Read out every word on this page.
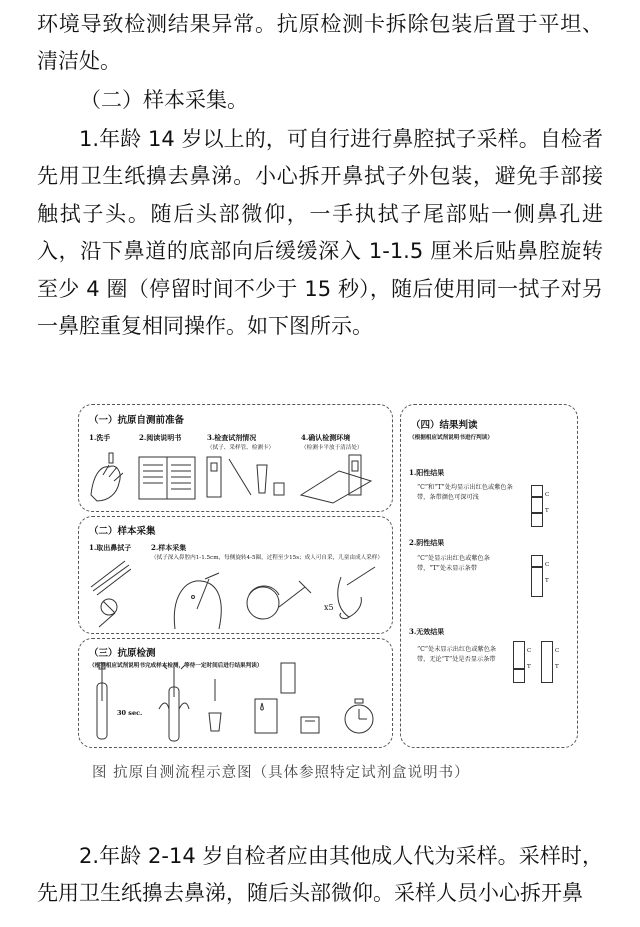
环境导致检测结果异常。抗原检测卡拆除包装后置于平坦、清洁处。

（二）样本采集。

1.年龄 14 岁以上的，可自行进行鼻腔拭子采样。自检者先用卫生纸擤去鼻涕。小心拆开鼻拭子外包装，避免手部接触拭子头。随后头部微仰，一手执拭子尾部贴一侧鼻孔进入，沿下鼻道的底部向后缓缓深入 1-1.5 厘米后贴鼻腔旋转至少 4 圈（停留时间不少于 15 秒），随后使用同一拭子对另一鼻腔重复相同操作。如下图所示。

（一）抗原自测前准备
1.洗手	2.阅读说明书	3.检查试剂情况	4.确认检测环境
（拭子、采样管、检测卡）	（检测卡平放于清洁处）
（二）样本采集
1.取出鼻拭子	2.样本采集
（拭子深入鼻腔内1-1.5cm，每侧旋转4-5圈，过程至少15s；成人可自采，儿童由成人采样）
x5
（三）抗原检测
（根据相应试剂说明书完成样本检测，等待一定时间后进行结果判读）
30 sec.
（四）结果判读
（根据相应试剂说明书进行判读）
1.阳性结果
“C”和“T”处均显示出红色或紫色条带，条带颜色可深可浅
2.阴性结果
“C”处显示出红色或紫色条带，“T”处未显示条带
3.无效结果
“C”处未显示出红色或紫色条带，无论“T”处是否显示条带
C
T
C
T
C
T
C
T
图 抗原自测流程示意图（具体参照特定试剂盒说明书）

2.年龄 2-14 岁自检者应由其他成人代为采样。采样时，先用卫生纸擤去鼻涕，随后头部微仰。采样人员小心拆开鼻
